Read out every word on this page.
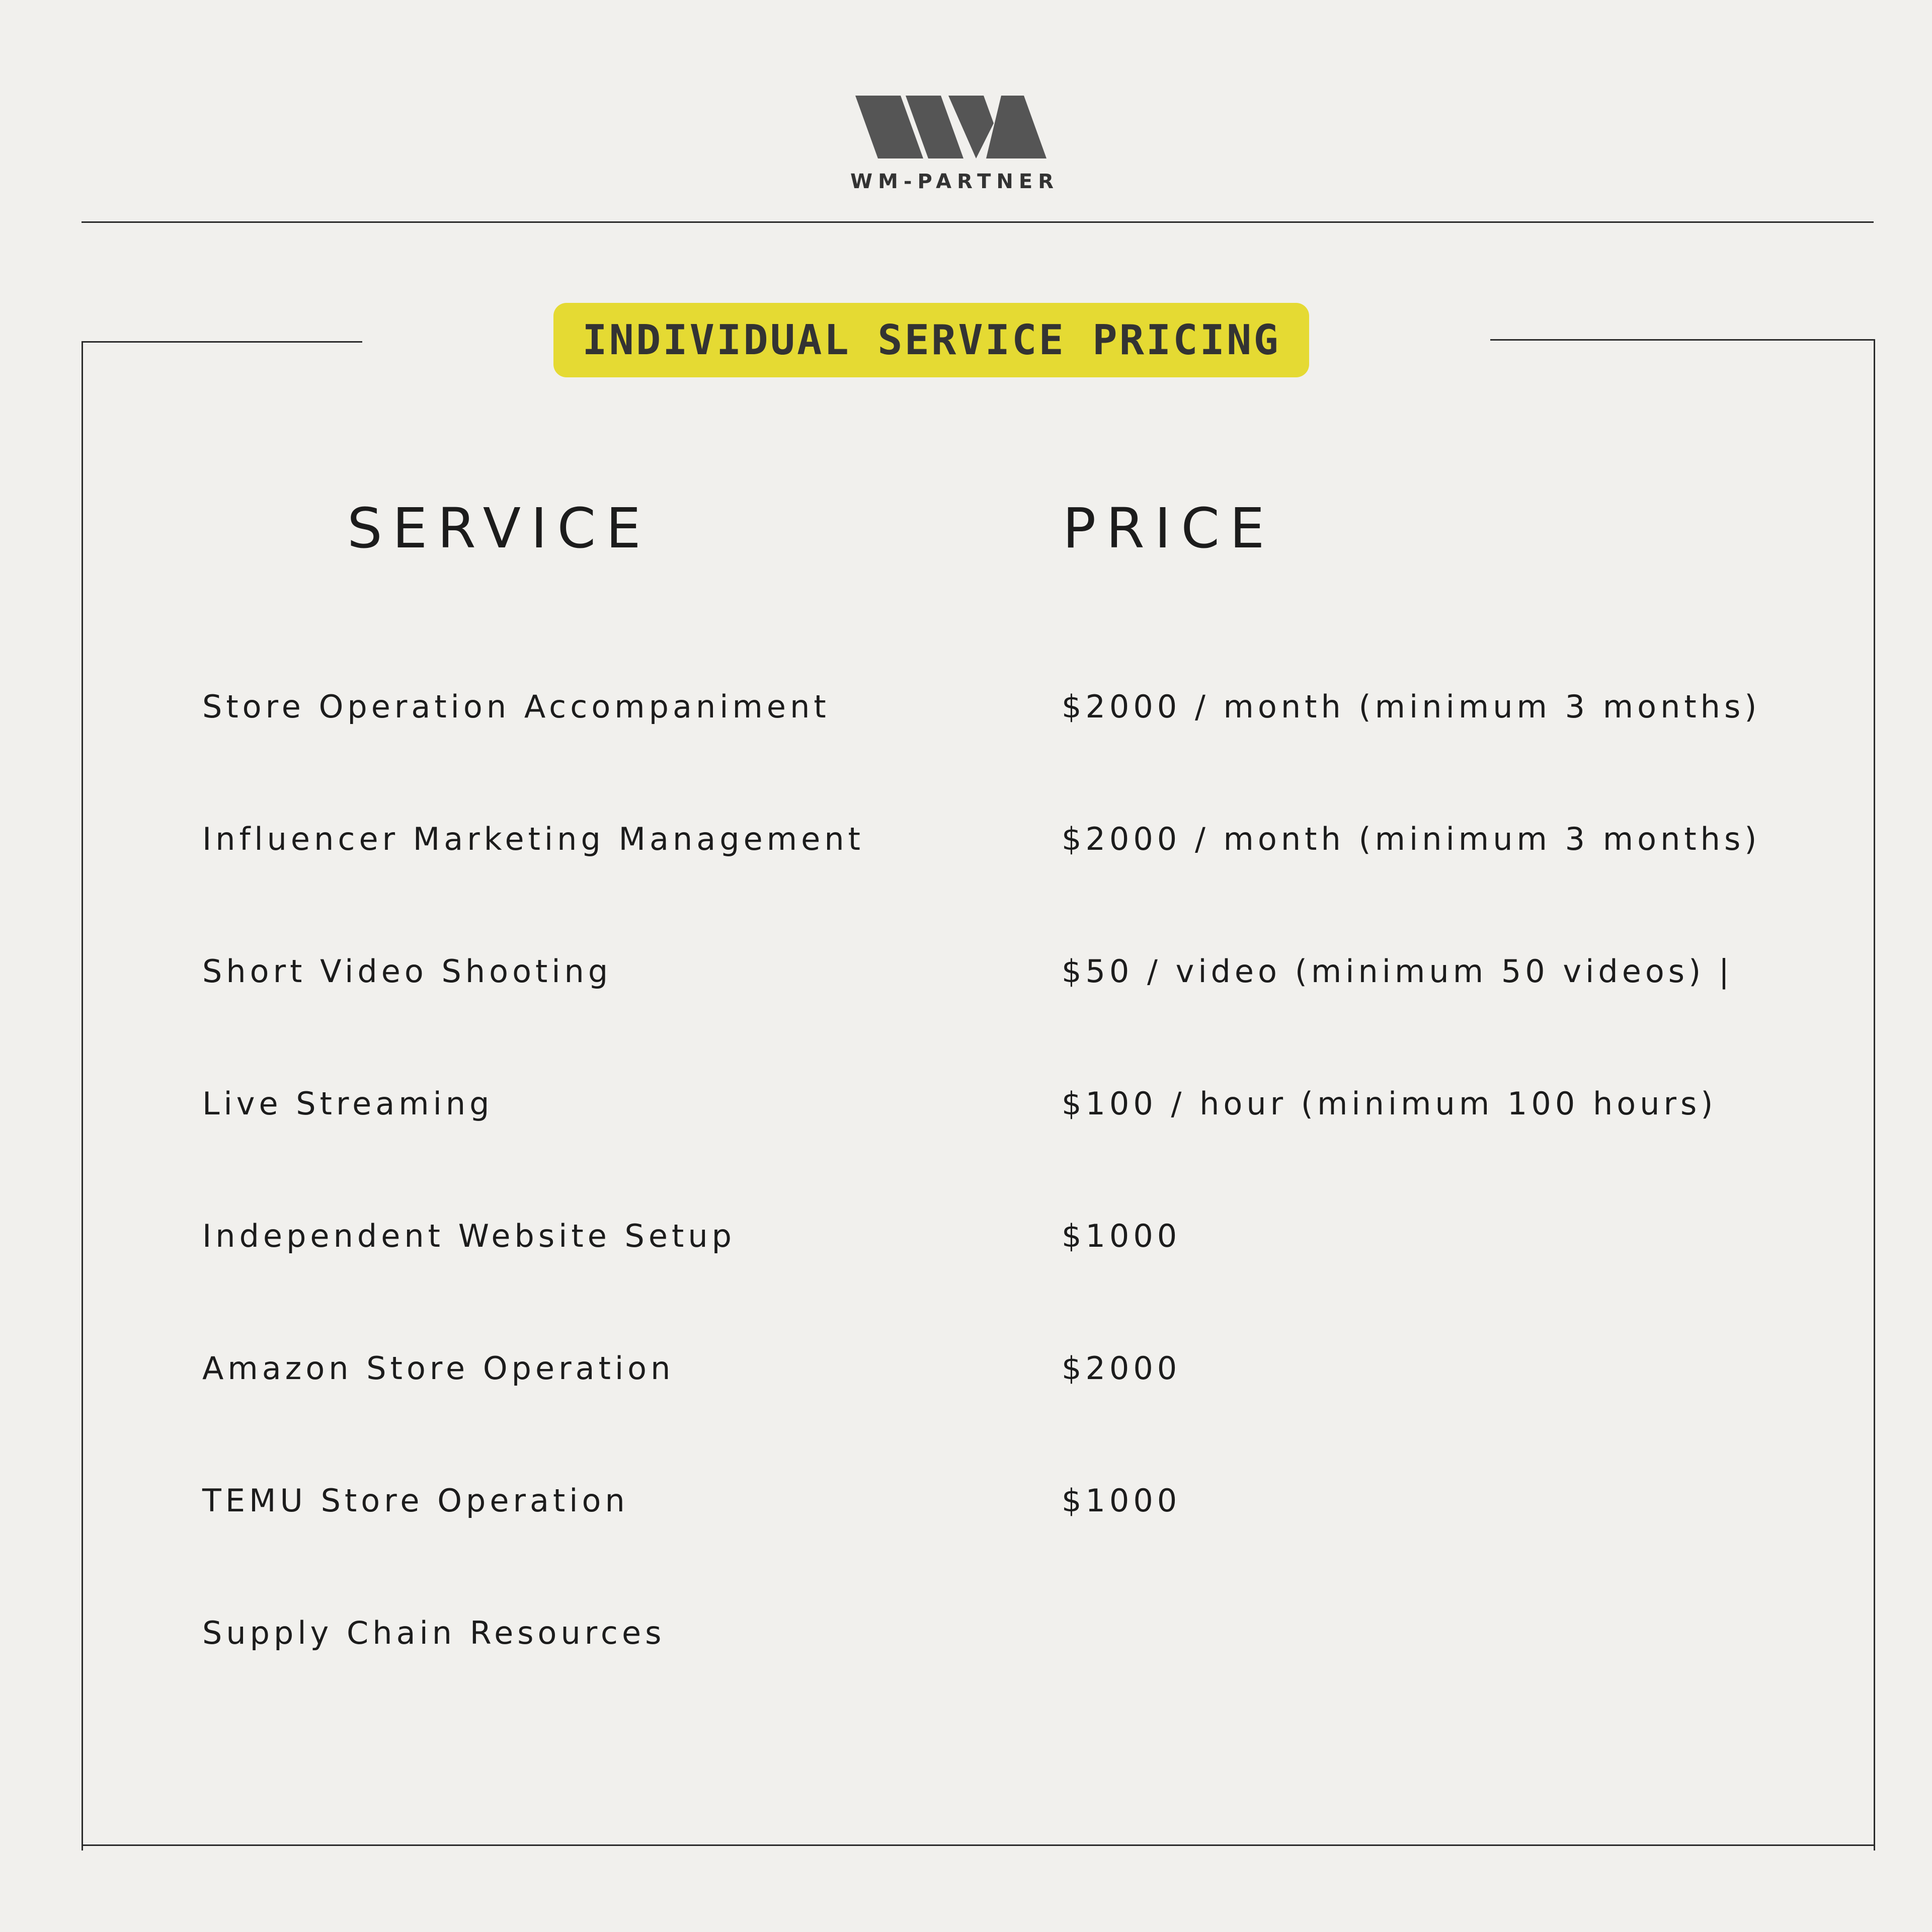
WM-PARTNER
INDIVIDUAL SERVICE PRICING
SERVICE	PRICE
Store Operation Accompaniment	$2000 / month (minimum 3 months)
Influencer Marketing Management	$2000 / month (minimum 3 months)
Short Video Shooting	$50 / video (minimum 50 videos) |
Live Streaming	$100 / hour (minimum 100 hours)
Independent Website Setup	$1000
Amazon Store Operation	$2000
TEMU Store Operation	$1000
Supply Chain Resources
